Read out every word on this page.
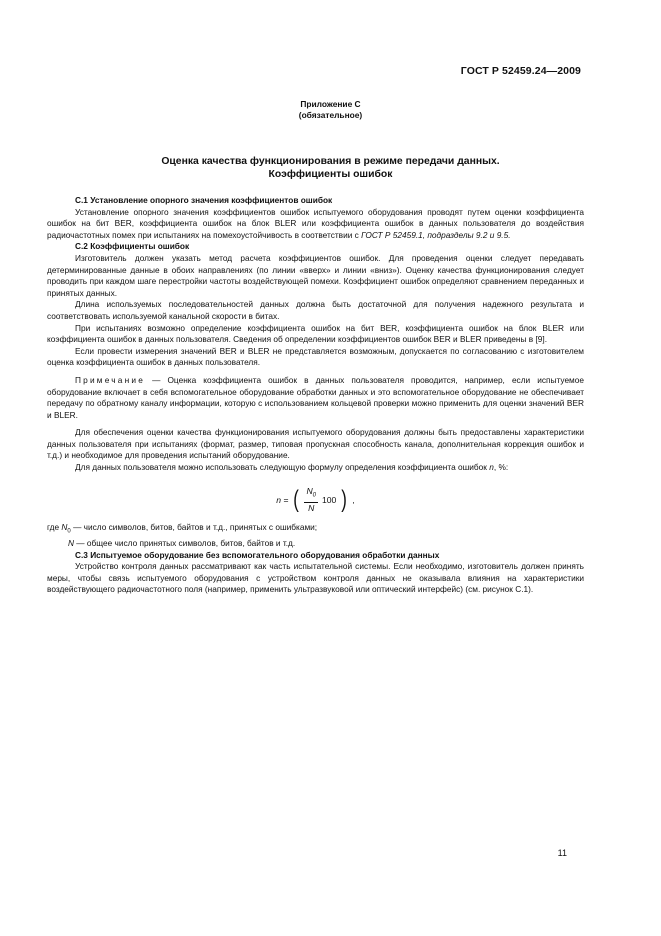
ГОСТ Р 52459.24—2009
Приложение С
(обязательное)
Оценка качества функционирования в режиме передачи данных.
Коэффициенты ошибок
С.1 Установление опорного значения коэффициентов ошибок

Установление опорного значения коэффициентов ошибок испытуемого оборудования проводят путем оценки коэффициента ошибок на бит BER, коэффициента ошибок на блок BLER или коэффициента ошибок в данных пользователя до воздействия радиочастотных помех при испытаниях на помехоустойчивость в соответствии с ГОСТ Р 52459.1, подразделы 9.2 и 9.5.

С.2 Коэффициенты ошибок

Изготовитель должен указать метод расчета коэффициентов ошибок. Для проведения оценки следует передавать детерминированные данные в обоих направлениях (по линии «вверх» и линии «вниз»). Оценку качества функционирования следует проводить при каждом шаге перестройки частоты воздействующей помехи. Коэффициент ошибок определяют сравнением переданных и принятых данных.

Длина используемых последовательностей данных должна быть достаточной для получения надежного результата и соответствовать используемой канальной скорости в битах.

При испытаниях возможно определение коэффициента ошибок на бит BER, коэффициента ошибок на блок BLER или коэффициента ошибок в данных пользователя. Сведения об определении коэффициентов ошибок BER и BLER приведены в [9].

Если провести измерения значений BER и BLER не представляется возможным, допускается по согласованию с изготовителем оценка коэффициента ошибок в данных пользователя.

Примечание — Оценка коэффициента ошибок в данных пользователя проводится, например, если испытуемое оборудование включает в себя вспомогательное оборудование обработки данных и это вспомогательное оборудование не обеспечивает передачу по обратному каналу информации, которую с использованием кольцевой проверки можно применить для оценки значений BER и BLER.

Для обеспечения оценки качества функционирования испытуемого оборудования должны быть предоставлены характеристики данных пользователя при испытаниях (формат, размер, типовая пропускная способность канала, дополнительная коррекция ошибок и т.д.) и необходимое для проведения испытаний оборудование.

Для данных пользователя можно использовать следующую формулу определения коэффициента ошибок n, %:

n = ( $\frac{N_0}{N} 100$ ) ,

где $N_0$ — число символов, битов, байтов и т.д., принятых с ошибками;

N — общее число принятых символов, битов, байтов и т.д.

С.3 Испытуемое оборудование без вспомогательного оборудования обработки данных

Устройство контроля данных рассматривают как часть испытательной системы. Если необходимо, изготовитель должен принять меры, чтобы связь испытуемого оборудования с устройством контроля данных не оказывала влияния на характеристики воздействующего радиочастотного поля (например, применить ультразвуковой или оптический интерфейс) (см. рисунок С.1).

11
